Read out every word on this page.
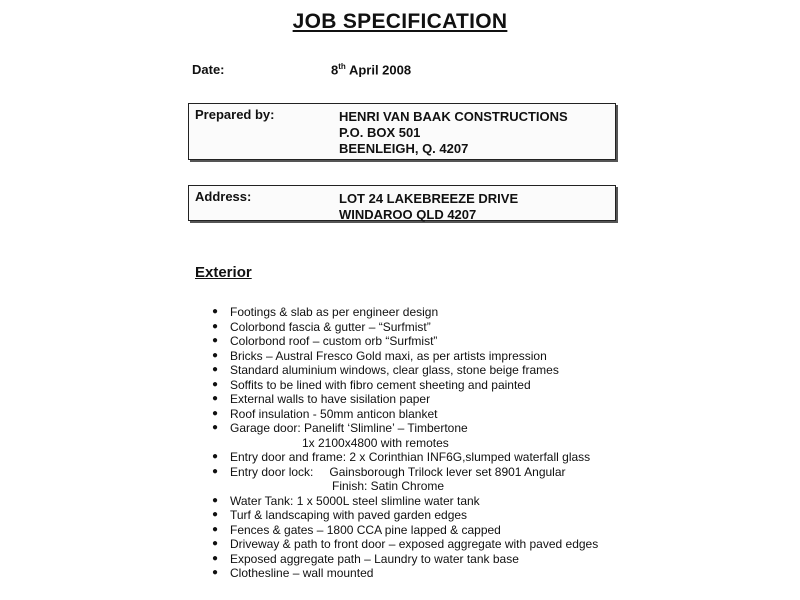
JOB SPECIFICATION
Date:	8th April 2008
Prepared by:	HENRI VAN BAAK CONSTRUCTIONS
P.O. BOX 501
BEENLEIGH, Q. 4207
Address:	LOT 24 LAKEBREEZE DRIVE
WINDAROO QLD 4207
Exterior
● Footings & slab as per engineer design
● Colorbond fascia & gutter – “Surfmist”
● Colorbond roof – custom orb “Surfmist”
● Bricks – Austral Fresco Gold maxi, as per artists impression
● Standard aluminium windows, clear glass, stone beige frames
● Soffits to be lined with fibro cement sheeting and painted
● External walls to have sisilation paper
● Roof insulation - 50mm anticon blanket
● Garage door: Panelift ‘Slimline’ – Timbertone
1x 2100x4800 with remotes
● Entry door and frame: 2 x Corinthian INF6G,slumped waterfall glass
● Entry door lock: Gainsborough Trilock lever set 8901 Angular
Finish: Satin Chrome
● Water Tank: 1 x 5000L steel slimline water tank
● Turf & landscaping with paved garden edges
● Fences & gates – 1800 CCA pine lapped & capped
● Driveway & path to front door – exposed aggregate with paved edges
● Exposed aggregate path – Laundry to water tank base
● Clothesline – wall mounted
